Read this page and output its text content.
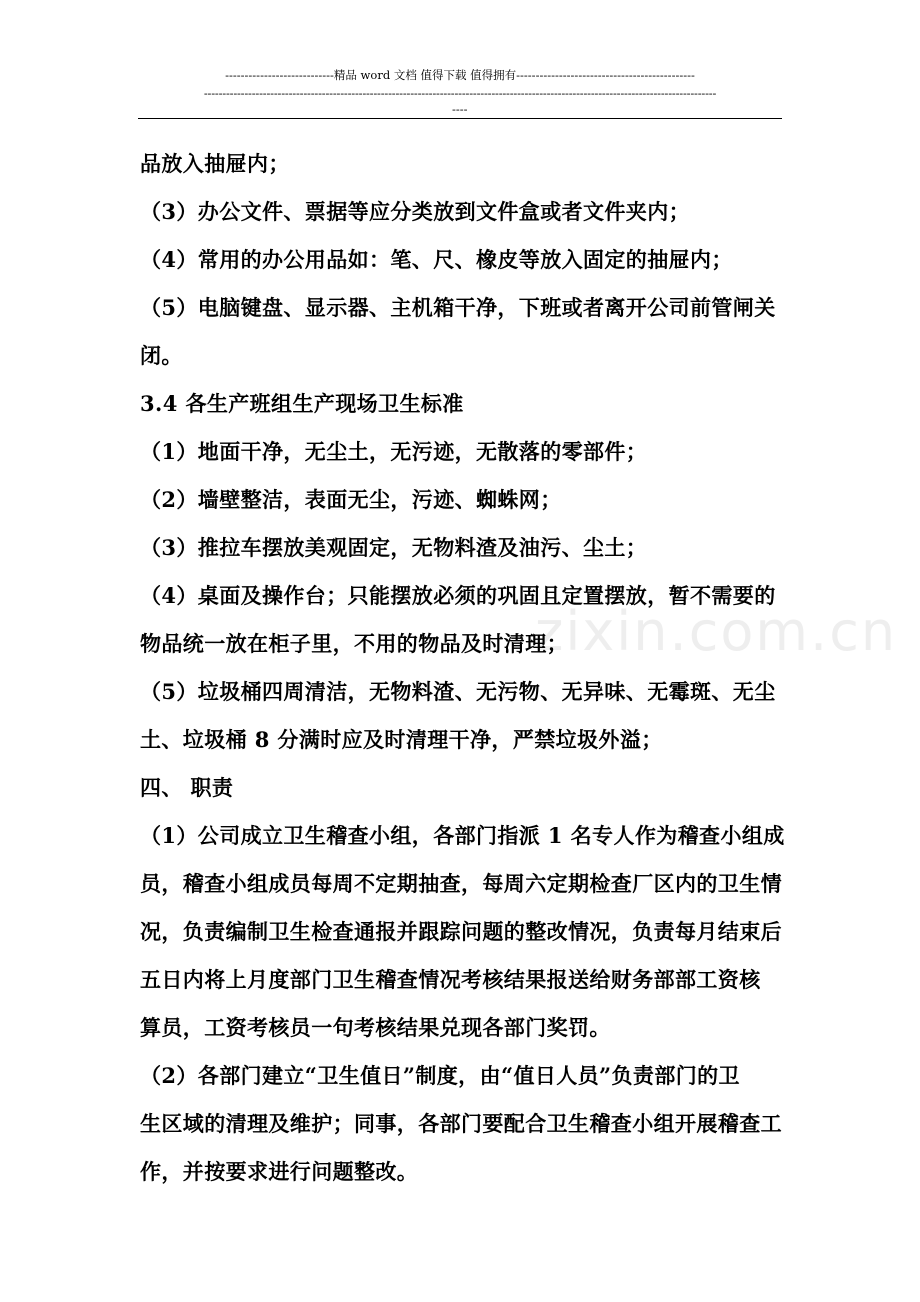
----------------------------精品 word 文档 值得下载 值得拥有----------------------------------------------
-------------------------------------------------------------------------------------------------------------------------------------------
----
zixin.com.cn
品放入抽屉内；
（3）办公文件、票据等应分类放到文件盒或者文件夹内；
（4）常用的办公用品如：笔、尺、橡皮等放入固定的抽屉内；
（5）电脑键盘、显示器、主机箱干净，下班或者离开公司前管闸关
闭。
3.4 各生产班组生产现场卫生标准
（1）地面干净，无尘土，无污迹，无散落的零部件；
（2）墙壁整洁，表面无尘，污迹、蜘蛛网；
（3）推拉车摆放美观固定，无物料渣及油污、尘土；
（4）桌面及操作台；只能摆放必须的巩固且定置摆放，暂不需要的
物品统一放在柜子里，不用的物品及时清理；
（5）垃圾桶四周清洁，无物料渣、无污物、无异味、无霉斑、无尘
土、垃圾桶 8 分满时应及时清理干净，严禁垃圾外溢；
四、 职责
（1）公司成立卫生稽查小组，各部门指派 1 名专人作为稽查小组成
员，稽查小组成员每周不定期抽查，每周六定期检查厂区内的卫生情
况，负责编制卫生检查通报并跟踪问题的整改情况，负责每月结束后
五日内将上月度部门卫生稽查情况考核结果报送给财务部部工资核
算员，工资考核员一句考核结果兑现各部门奖罚。
（2）各部门建立“卫生值日”制度，由“值日人员”负责部门的卫
生区域的清理及维护；同事，各部门要配合卫生稽查小组开展稽查工
作，并按要求进行问题整改。
